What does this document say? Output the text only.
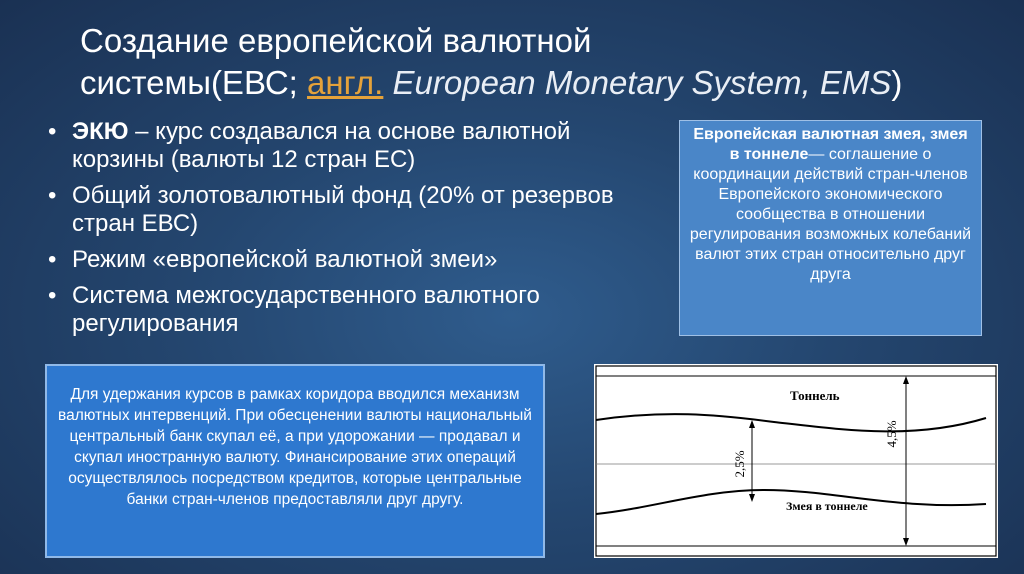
Создание европейской валютной
системы(ЕВС; англ. European Monetary System, EMS)
• ЭКЮ – курс создавался на основе валютной корзины (валюты 12 стран ЕС)
• Общий золотовалютный фонд (20% от резервов стран ЕВС)
• Режим «европейской валютной змеи»
• Система межгосударственного валютного регулирования
Европейская валютная змея, змея в тоннеле— соглашение о координации действий стран-членов Европейского экономического сообщества в отношении регулирования возможных колебаний валют этих стран относительно друг друга
Для удержания курсов в рамках коридора вводился механизм валютных интервенций. При обесценении валюты национальный центральный банк скупал её, а при удорожании — продавал и скупал иностранную валюту. Финансирование этих операций осуществлялось посредством кредитов, которые центральные банки стран-членов предоставляли друг другу.
Тоннель
Змея в тоннеле
2,5%
4,5%
